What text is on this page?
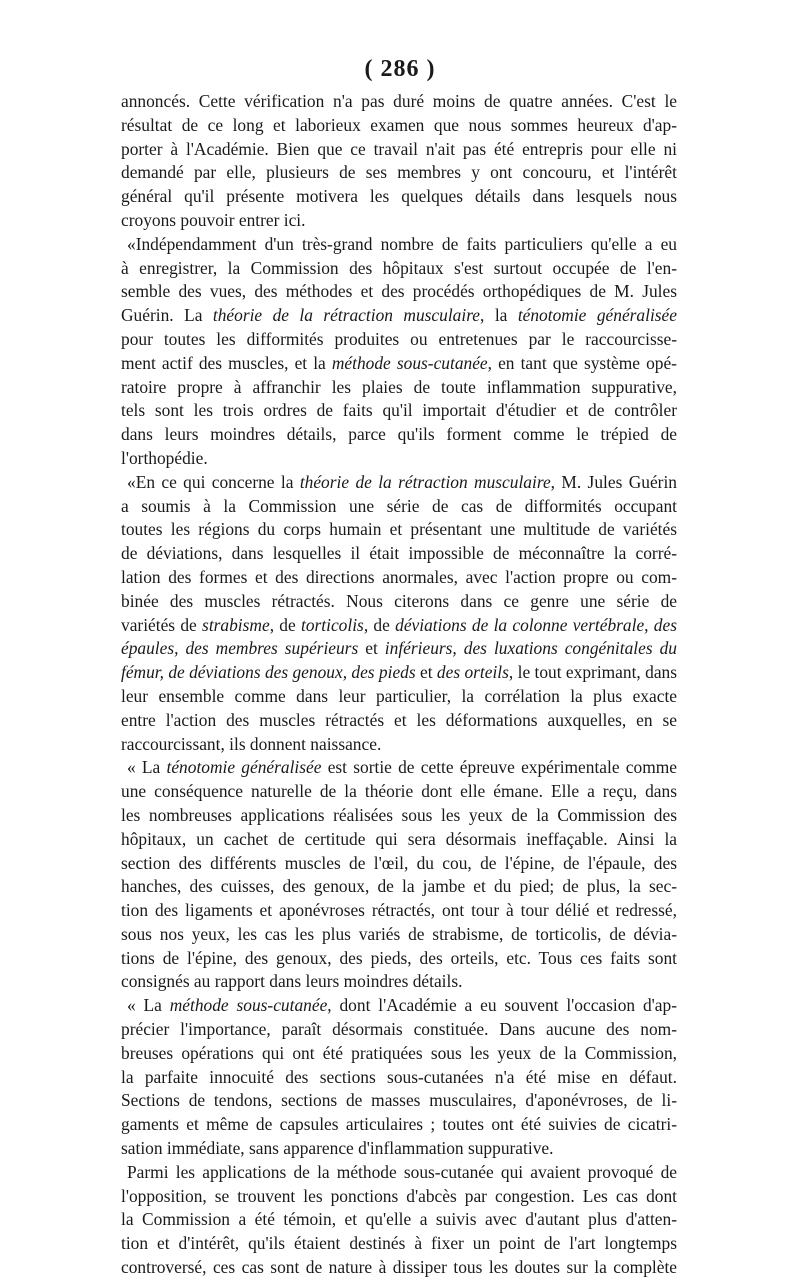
( 286 )
annoncés. Cette vérification n'a pas duré moins de quatre années. C'est le
résultat de ce long et laborieux examen que nous sommes heureux d'ap-
porter à l'Académie. Bien que ce travail n'ait pas été entrepris pour elle ni
demandé par elle, plusieurs de ses membres y ont concouru, et l'intérêt
général qu'il présente motivera les quelques détails dans lesquels nous
croyons pouvoir entrer ici.
«Indépendamment d'un très-grand nombre de faits particuliers qu'elle a eu
à enregistrer, la Commission des hôpitaux s'est surtout occupée de l'en-
semble des vues, des méthodes et des procédés orthopédiques de M. Jules
Guérin. La théorie de la rétraction musculaire, la ténotomie généralisée
pour toutes les difformités produites ou entretenues par le raccourcisse-
ment actif des muscles, et la méthode sous-cutanée, en tant que système opé-
ratoire propre à affranchir les plaies de toute inflammation suppurative,
tels sont les trois ordres de faits qu'il importait d'étudier et de contrôler
dans leurs moindres détails, parce qu'ils forment comme le trépied de
l'orthopédie.
«En ce qui concerne la théorie de la rétraction musculaire, M. Jules Guérin
a soumis à la Commission une série de cas de difformités occupant
toutes les régions du corps humain et présentant une multitude de variétés
de déviations, dans lesquelles il était impossible de méconnaître la corré-
lation des formes et des directions anormales, avec l'action propre ou com-
binée des muscles rétractés. Nous citerons dans ce genre une série de
variétés de strabisme, de torticolis, de déviations de la colonne vertébrale, des
épaules, des membres supérieurs et inférieurs, des luxations congénitales du
fémur, de déviations des genoux, des pieds et des orteils, le tout exprimant, dans
leur ensemble comme dans leur particulier, la corrélation la plus exacte
entre l'action des muscles rétractés et les déformations auxquelles, en se
raccourcissant, ils donnent naissance.
« La ténotomie généralisée est sortie de cette épreuve expérimentale comme
une conséquence naturelle de la théorie dont elle émane. Elle a reçu, dans
les nombreuses applications réalisées sous les yeux de la Commission des
hôpitaux, un cachet de certitude qui sera désormais ineffaçable. Ainsi la
section des différents muscles de l'œil, du cou, de l'épine, de l'épaule, des
hanches, des cuisses, des genoux, de la jambe et du pied; de plus, la sec-
tion des ligaments et aponévroses rétractés, ont tour à tour délié et redressé,
sous nos yeux, les cas les plus variés de strabisme, de torticolis, de dévia-
tions de l'épine, des genoux, des pieds, des orteils, etc. Tous ces faits sont
consignés au rapport dans leurs moindres détails.
« La méthode sous-cutanée, dont l'Académie a eu souvent l'occasion d'ap-
précier l'importance, paraît désormais constituée. Dans aucune des nom-
breuses opérations qui ont été pratiquées sous les yeux de la Commission,
la parfaite innocuité des sections sous-cutanées n'a été mise en défaut.
Sections de tendons, sections de masses musculaires, d'aponévroses, de li-
gaments et même de capsules articulaires ; toutes ont été suivies de cicatri-
sation immédiate, sans apparence d'inflammation suppurative.
Parmi les applications de la méthode sous-cutanée qui avaient provoqué de
l'opposition, se trouvent les ponctions d'abcès par congestion. Les cas dont
la Commission a été témoin, et qu'elle a suivis avec d'autant plus d'atten-
tion et d'intérêt, qu'ils étaient destinés à fixer un point de l'art longtemps
controversé, ces cas sont de nature à dissiper tous les doutes sur la complète
